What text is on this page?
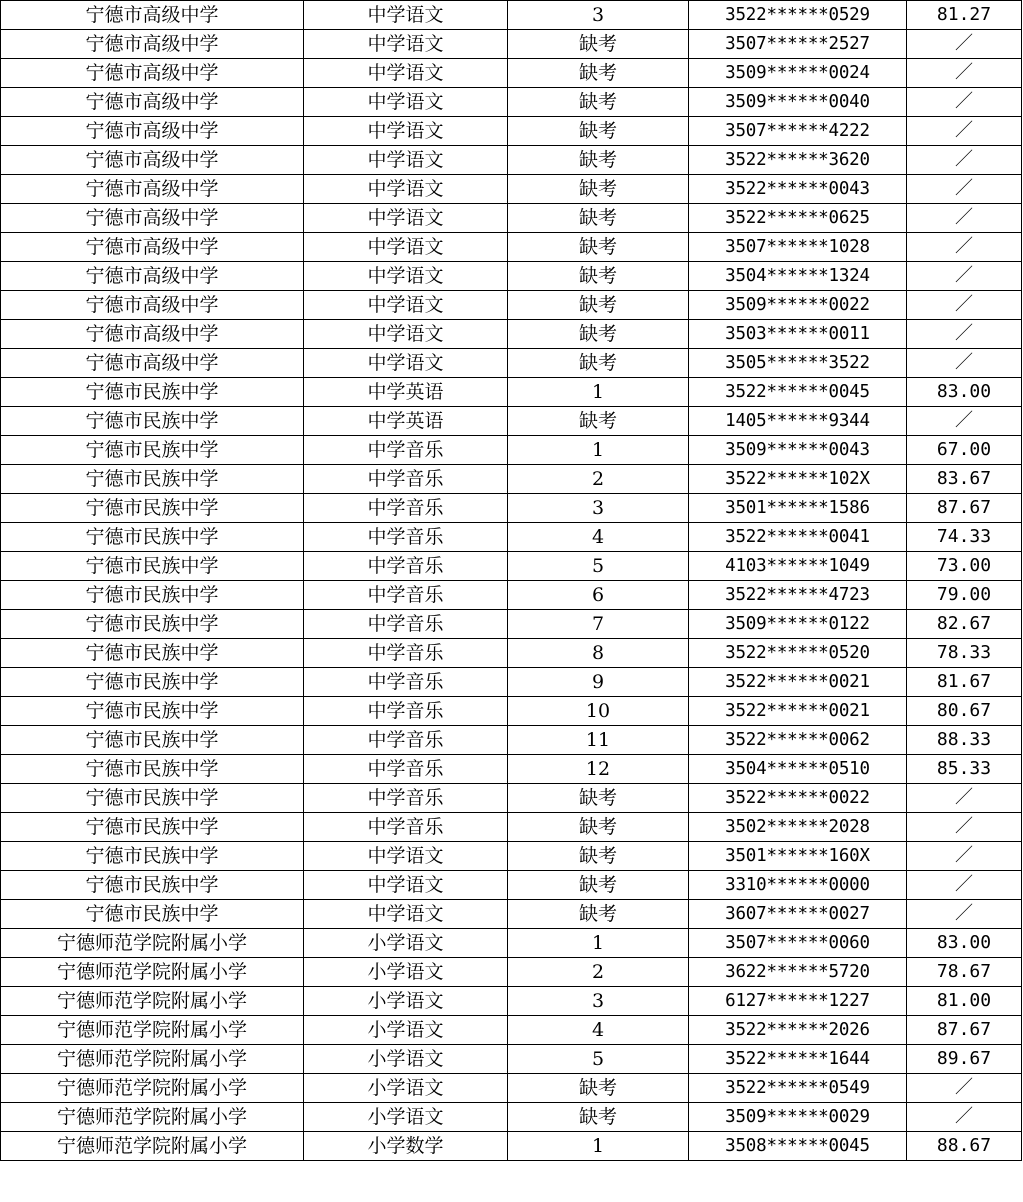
宁德市高级中学	中学语文	3	3522******0529	81.27
宁德市高级中学	中学语文	缺考	3507******2527	／
宁德市高级中学	中学语文	缺考	3509******0024	／
宁德市高级中学	中学语文	缺考	3509******0040	／
宁德市高级中学	中学语文	缺考	3507******4222	／
宁德市高级中学	中学语文	缺考	3522******3620	／
宁德市高级中学	中学语文	缺考	3522******0043	／
宁德市高级中学	中学语文	缺考	3522******0625	／
宁德市高级中学	中学语文	缺考	3507******1028	／
宁德市高级中学	中学语文	缺考	3504******1324	／
宁德市高级中学	中学语文	缺考	3509******0022	／
宁德市高级中学	中学语文	缺考	3503******0011	／
宁德市高级中学	中学语文	缺考	3505******3522	／
宁德市民族中学	中学英语	1	3522******0045	83.00
宁德市民族中学	中学英语	缺考	1405******9344	／
宁德市民族中学	中学音乐	1	3509******0043	67.00
宁德市民族中学	中学音乐	2	3522******102X	83.67
宁德市民族中学	中学音乐	3	3501******1586	87.67
宁德市民族中学	中学音乐	4	3522******0041	74.33
宁德市民族中学	中学音乐	5	4103******1049	73.00
宁德市民族中学	中学音乐	6	3522******4723	79.00
宁德市民族中学	中学音乐	7	3509******0122	82.67
宁德市民族中学	中学音乐	8	3522******0520	78.33
宁德市民族中学	中学音乐	9	3522******0021	81.67
宁德市民族中学	中学音乐	10	3522******0021	80.67
宁德市民族中学	中学音乐	11	3522******0062	88.33
宁德市民族中学	中学音乐	12	3504******0510	85.33
宁德市民族中学	中学音乐	缺考	3522******0022	／
宁德市民族中学	中学音乐	缺考	3502******2028	／
宁德市民族中学	中学语文	缺考	3501******160X	／
宁德市民族中学	中学语文	缺考	3310******0000	／
宁德市民族中学	中学语文	缺考	3607******0027	／
宁德师范学院附属小学	小学语文	1	3507******0060	83.00
宁德师范学院附属小学	小学语文	2	3622******5720	78.67
宁德师范学院附属小学	小学语文	3	6127******1227	81.00
宁德师范学院附属小学	小学语文	4	3522******2026	87.67
宁德师范学院附属小学	小学语文	5	3522******1644	89.67
宁德师范学院附属小学	小学语文	缺考	3522******0549	／
宁德师范学院附属小学	小学语文	缺考	3509******0029	／
宁德师范学院附属小学	小学数学	1	3508******0045	88.67
